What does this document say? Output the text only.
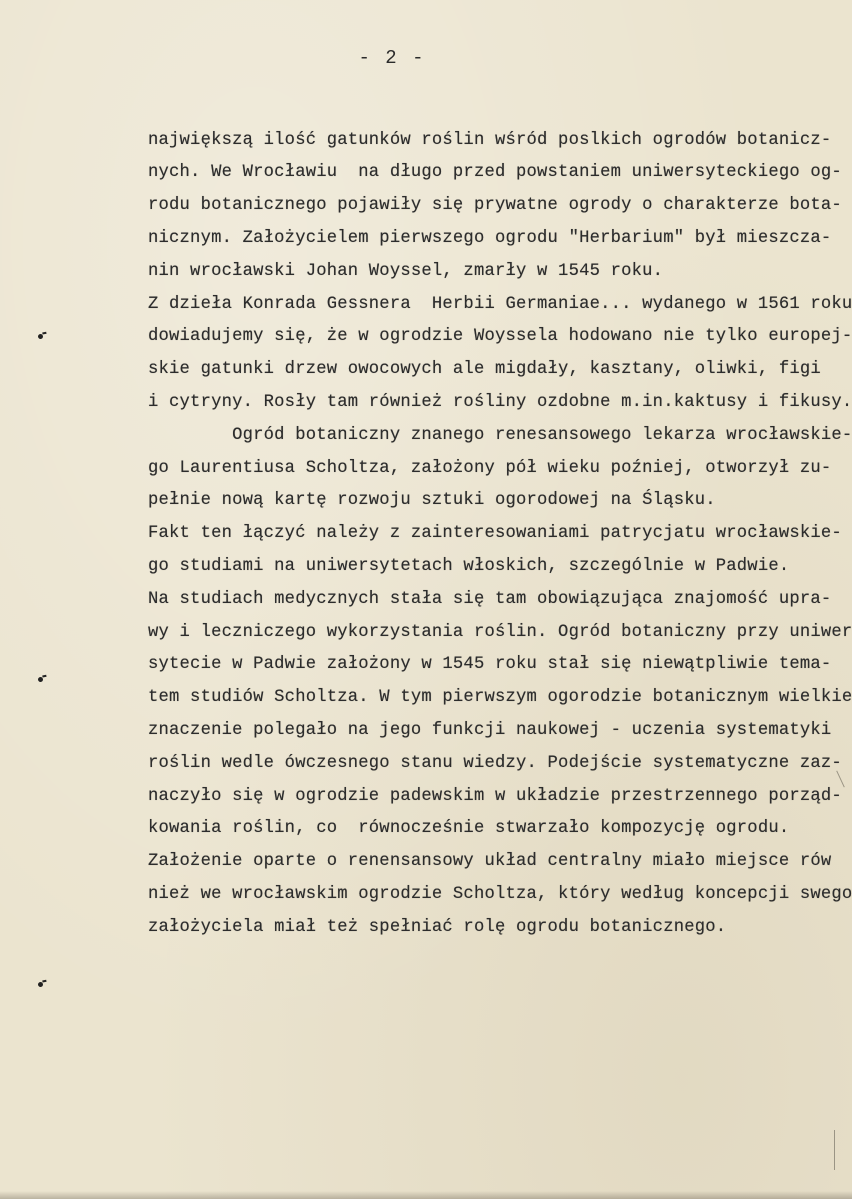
- 2 -
największą ilość gatunków roślin wśród poslkich ogrodów botanicz-
nych. We Wrocławiu  na długo przed powstaniem uniwersyteckiego og-
rodu botanicznego pojawiły się prywatne ogrody o charakterze bota-
nicznym. Założycielem pierwszego ogrodu "Herbarium" był mieszcza-
nin wrocławski Johan Woyssel, zmarły w 1545 roku.
Z dzieła Konrada Gessnera  Herbii Germaniae... wydanego w 1561 roku
dowiadujemy się, że w ogrodzie Woyssela hodowano nie tylko europej-
skie gatunki drzew owocowych ale migdały, kasztany, oliwki, figi
i cytryny. Rosły tam również rośliny ozdobne m.in.kaktusy i fikusy.
Ogród botaniczny znanego renesansowego lekarza wrocławskie-
go Laurentiusa Scholtza, założony pół wieku poźniej, otworzył zu-
pełnie nową kartę rozwoju sztuki ogorodowej na Śląsku.
Fakt ten łączyć należy z zainteresowaniami patrycjatu wrocławskie-
go studiami na uniwersytetach włoskich, szczególnie w Padwie.
Na studiach medycznych stała się tam obowiązująca znajomość upra-
wy i leczniczego wykorzystania roślin. Ogród botaniczny przy uniwer
sytecie w Padwie założony w 1545 roku stał się niewątpliwie tema-
tem studiów Scholtza. W tym pierwszym ogorodzie botanicznym wielkie
znaczenie polegało na jego funkcji naukowej - uczenia systematyki
roślin wedle ówczesnego stanu wiedzy. Podejście systematyczne zaz-
naczyło się w ogrodzie padewskim w układzie przestrzennego porząd-
kowania roślin, co  równocześnie stwarzało kompozycję ogrodu.
Założenie oparte o renensansowy układ centralny miało miejsce rów
nież we wrocławskim ogrodzie Scholtza, który według koncepcji swego
założyciela miał też spełniać rolę ogrodu botanicznego.
